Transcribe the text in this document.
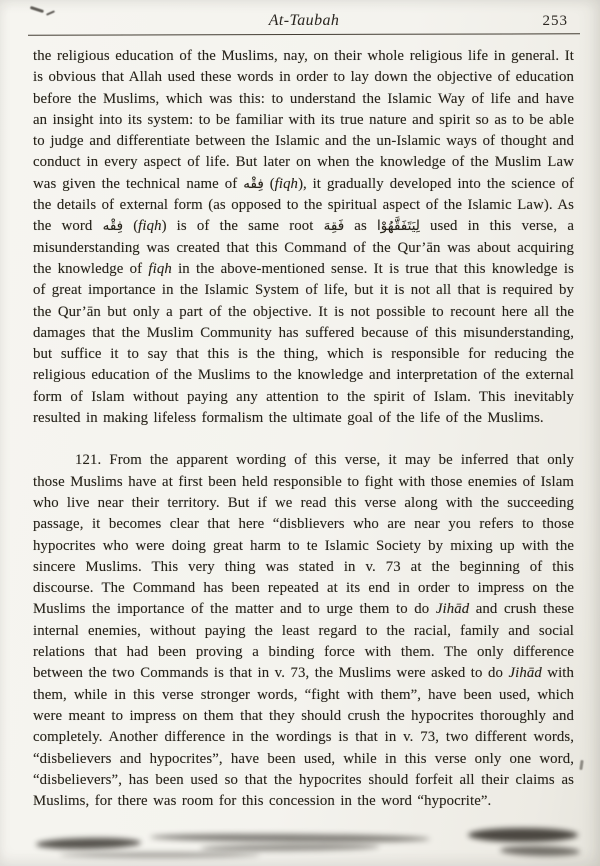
At-Taubah	253

the religious education of the Muslims, nay, on their whole religious life in general. It is obvious that Allah used these words in order to lay down the objective of education before the Muslims, which was this: to understand the Islamic Way of life and have an insight into its system: to be familiar with its true nature and spirit so as to be able to judge and differentiate between the Islamic and the un-Islamic ways of thought and conduct in every aspect of life. But later on when the knowledge of the Muslim Law was given the technical name of فِقْه (fiqh), it gradually developed into the science of the details of external form (as opposed to the spiritual aspect of the Islamic Law). As the word فِقْه (fiqh) is of the same root فَقِهَ as لِيَتَفَقَّهُوْا used in this verse, a misunderstanding was created that this Command of the Qur’ān was about acquiring the knowledge of fiqh in the above-mentioned sense. It is true that this knowledge is of great importance in the Islamic System of life, but it is not all that is required by the Qur’ān but only a part of the objective. It is not possible to recount here all the damages that the Muslim Community has suffered because of this misunderstanding, but suffice it to say that this is the thing, which is responsible for reducing the religious education of the Muslims to the knowledge and interpretation of the external form of Islam without paying any attention to the spirit of Islam. This inevitably resulted in making lifeless formalism the ultimate goal of the life of the Muslims.

121. From the apparent wording of this verse, it may be inferred that only those Muslims have at first been held responsible to fight with those enemies of Islam who live near their territory. But if we read this verse along with the succeeding passage, it becomes clear that here “disblievers who are near you refers to those hypocrites who were doing great harm to te Islamic Society by mixing up with the sincere Muslims. This very thing was stated in v. 73 at the beginning of this discourse. The Command has been repeated at its end in order to impress on the Muslims the importance of the matter and to urge them to do Jihād and crush these internal enemies, without paying the least regard to the racial, family and social relations that had been proving a binding force with them. The only difference between the two Commands is that in v. 73, the Muslims were asked to do Jihād with them, while in this verse stronger words, “fight with them”, have been used, which were meant to impress on them that they should crush the hypocrites thoroughly and completely. Another difference in the wordings is that in v. 73, two different words, “disbelievers and hypocrites”, have been used, while in this verse only one word, “disbelievers”, has been used so that the hypocrites should forfeit all their claims as Muslims, for there was room for this concession in the word “hypocrite”.
